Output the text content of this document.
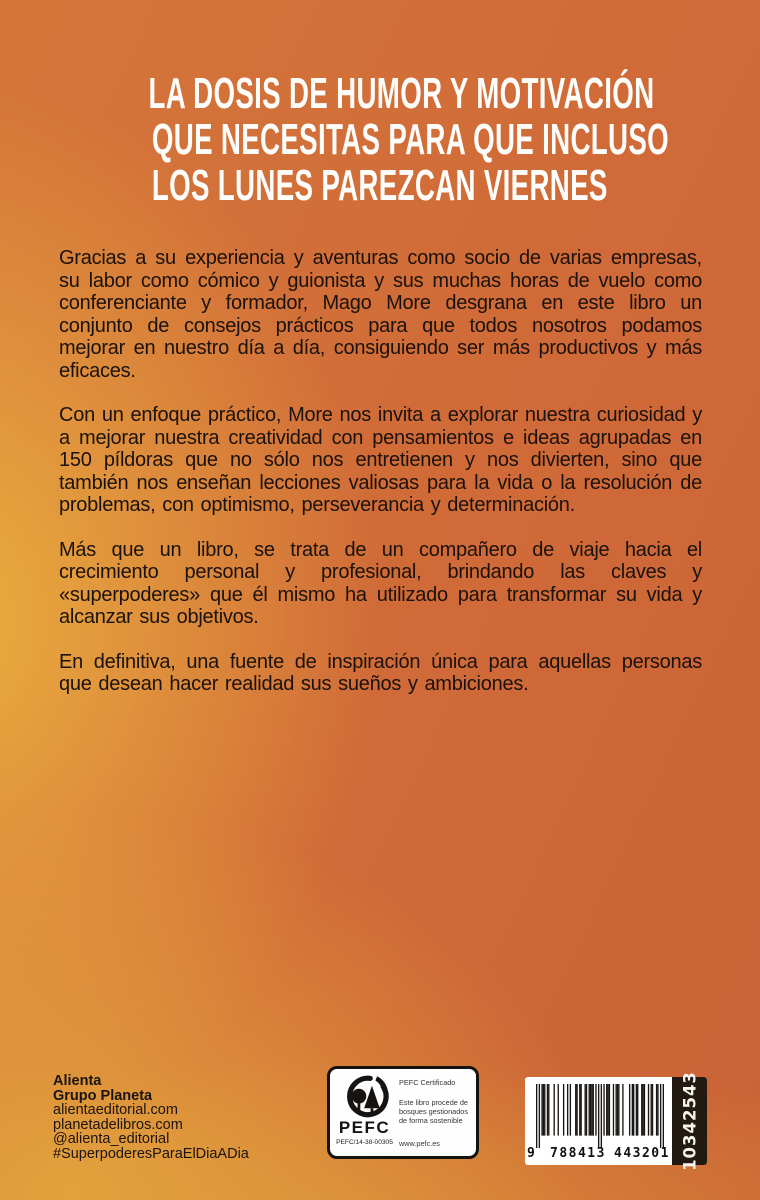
LA DOSIS DE HUMOR Y MOTIVACIÓN
QUE NECESITAS PARA QUE INCLUSO
LOS LUNES PAREZCAN VIERNES

Gracias a su experiencia y aventuras como socio de varias empresas, su labor como cómico y guionista y sus muchas horas de vuelo como conferenciante y formador, Mago More desgrana en este libro un conjunto de consejos prácticos para que todos nosotros podamos mejorar en nuestro día a día, consiguiendo ser más productivos y más eficaces.

Con un enfoque práctico, More nos invita a explorar nuestra curiosidad y a mejorar nuestra creatividad con pensamientos e ideas agrupadas en 150 píldoras que no sólo nos entretienen y nos divierten, sino que también nos enseñan lecciones valiosas para la vida o la resolución de problemas, con optimismo, perseverancia y determinación.

Más que un libro, se trata de un compañero de viaje hacia el crecimiento personal y profesional, brindando las claves y «superpoderes» que él mismo ha utilizado para transformar su vida y alcanzar sus objetivos.

En definitiva, una fuente de inspiración única para aquellas personas que desean hacer realidad sus sueños y ambiciones.

Alienta
Grupo Planeta
alientaeditorial.com
planetadelibros.com
@alienta_editorial
#SuperpoderesParaElDiaADia
PEFC
PEFC/14-38-00305
PEFC Certificado
Este libro procede de bosques gestionados de forma sostenible
www.pefc.es
9 788413 443201 10342543
